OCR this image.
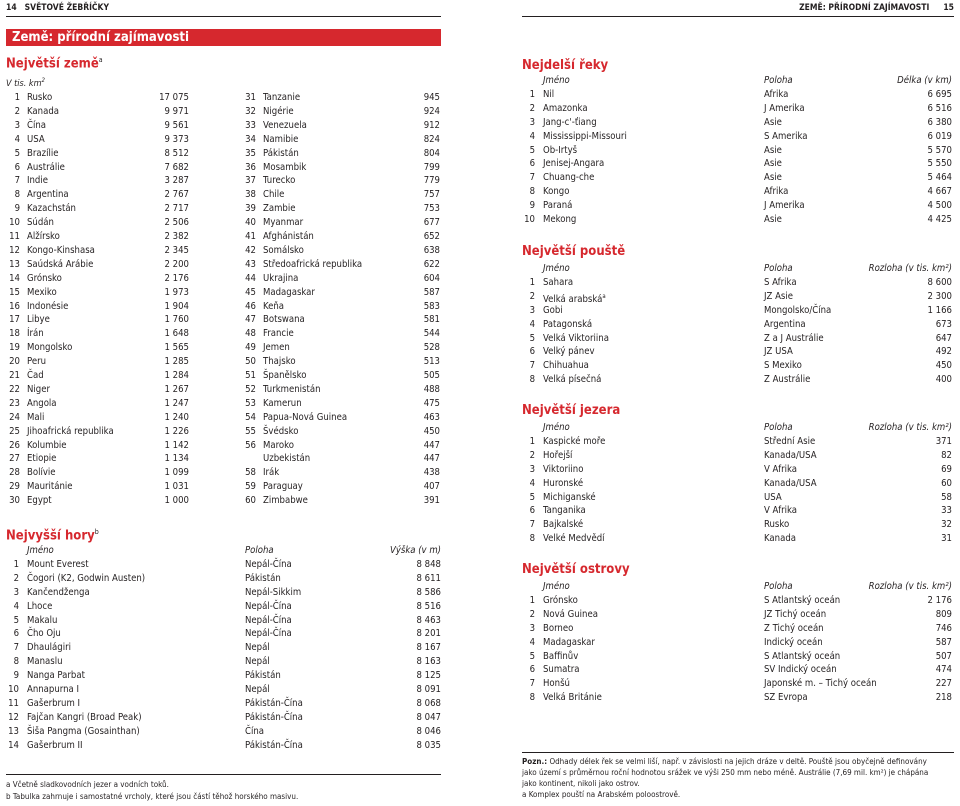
14 SVĚTOVÉ ŽEBŘÍČKY	ZEMĚ: PŘÍRODNÍ ZAJÍMAVOSTI 15
Země: přírodní zajímavosti
Největší země$^a$
V tis. $km^2$
1 Rusko	17 075
2 Kanada	9 971
3 Čína	9 561
4 USA	9 373
5 Brazílie	8 512
6 Austrálie	7 682
7 Indie	3 287
8 Argentina	2 767
9 Kazachstán	2 717
10 Súdán	2 506
11 Alžírsko	2 382
12 Kongo-Kinshasa	2 345
13 Saúdská Arábie	2 200
14 Grónsko	2 176
15 Mexiko	1 973
16 Indonésie	1 904
17 Libye	1 760
18 Írán	1 648
19 Mongolsko	1 565
20 Peru	1 285
21 Čad	1 284
22 Niger	1 267
23 Angola	1 247
24 Mali	1 240
25 Jihoafrická republika	1 226
26 Kolumbie	1 142
27 Etiopie	1 134
28 Bolívie	1 099
29 Mauritánie	1 031
30 Egypt	1 000
31 Tanzanie	945
32 Nigérie	924
33 Venezuela	912
34 Namibie	824
35 Pákistán	804
36 Mosambik	799
37 Turecko	779
38 Chile	757
39 Zambie	753
40 Myanmar	677
41 Afghánistán	652
42 Somálsko	638
43 Středoafrická republika	622
44 Ukrajina	604
45 Madagaskar	587
46 Keňa	583
47 Botswana	581
48 Francie	544
49 Jemen	528
50 Thajsko	513
51 Španělsko	505
52 Turkmenistán	488
53 Kamerun	475
54 Papua-Nová Guinea	463
55 Švédsko	450
56 Maroko	447
Uzbekistán	447
58 Irák	438
59 Paraguay	407
60 Zimbabwe	391
Nejvyšší hory$^b$
Jméno	Poloha	Výška (v m)
1 Mount Everest	Nepál-Čína	8 848
2 Čogori (K2, Godwin Austen)	Pákistán	8 611
3 Kančendženga	Nepál-Sikkim	8 586
4 Lhoce	Nepál-Čína	8 516
5 Makalu	Nepál-Čína	8 463
6 Čho Oju	Nepál-Čína	8 201
7 Dhaulágiri	Nepál	8 167
8 Manaslu	Nepál	8 163
9 Nanga Parbat	Pákistán	8 125
10 Annapurna I	Nepál	8 091
11 Gašerbrum I	Pákistán-Čína	8 068
12 Fajčan Kangri (Broad Peak)	Pákistán-Čína	8 047
13 Šiša Pangma (Gosainthan)	Čína	8 046
14 Gašerbrum II	Pákistán-Čína	8 035
a Včetně sladkovodních jezer a vodních toků.
b Tabulka zahrnuje i samostatné vrcholy, které jsou částí těhož horského masivu.
Nejdelší řeky
Jméno	Poloha	Délka (v km)
1 Nil	Afrika	6 695
2 Amazonka	J Amerika	6 516
3 Jang-c'-ťiang	Asie	6 380
4 Mississippi-Missouri	S Amerika	6 019
5 Ob-Irtyš	Asie	5 570
6 Jenisej-Angara	Asie	5 550
7 Chuang-che	Asie	5 464
8 Kongo	Afrika	4 667
9 Paraná	J Amerika	4 500
10 Mekong	Asie	4 425
Největší pouště
Jméno	Poloha	Rozloha (v tis. km²)
1 Sahara	S Afrika	8 600
2 Velká arabská$^a$	JZ Asie	2 300
3 Gobi	Mongolsko/Čína	1 166
4 Patagonská	Argentina	673
5 Velká Viktoriina	Z a J Austrálie	647
6 Velký pánev	JZ USA	492
7 Chihuahua	S Mexiko	450
8 Velká písečná	Z Austrálie	400
Největší jezera
Jméno	Poloha	Rozloha (v tis. km²)
1 Kaspické moře	Střední Asie	371
2 Hořejší	Kanada/USA	82
3 Viktoriino	V Afrika	69
4 Huronské	Kanada/USA	60
5 Michiganské	USA	58
6 Tanganika	V Afrika	33
7 Bajkalské	Rusko	32
8 Velké Medvědí	Kanada	31
Největší ostrovy
Jméno	Poloha	Rozloha (v tis. km²)
1 Grónsko	S Atlantský oceán	2 176
2 Nová Guinea	JZ Tichý oceán	809
3 Borneo	Z Tichý oceán	746
4 Madagaskar	Indický oceán	587
5 Baffinův	S Atlantský oceán	507
6 Sumatra	SV Indický oceán	474
7 Honšú	Japonské m. – Tichý oceán	227
8 Velká Británie	SZ Evropa	218
Pozn.: Odhady délek řek se velmi liší, např. v závislosti na jejich dráze v deltě. Pouště jsou obyčejně definovány jako území s průměrnou roční hodnotou srážek ve výši 250 mm nebo méně. Austrálie (7,69 mil. km²) je chápána jako kontinent, nikoli jako ostrov.
a Komplex pouští na Arabském poloostrově.
